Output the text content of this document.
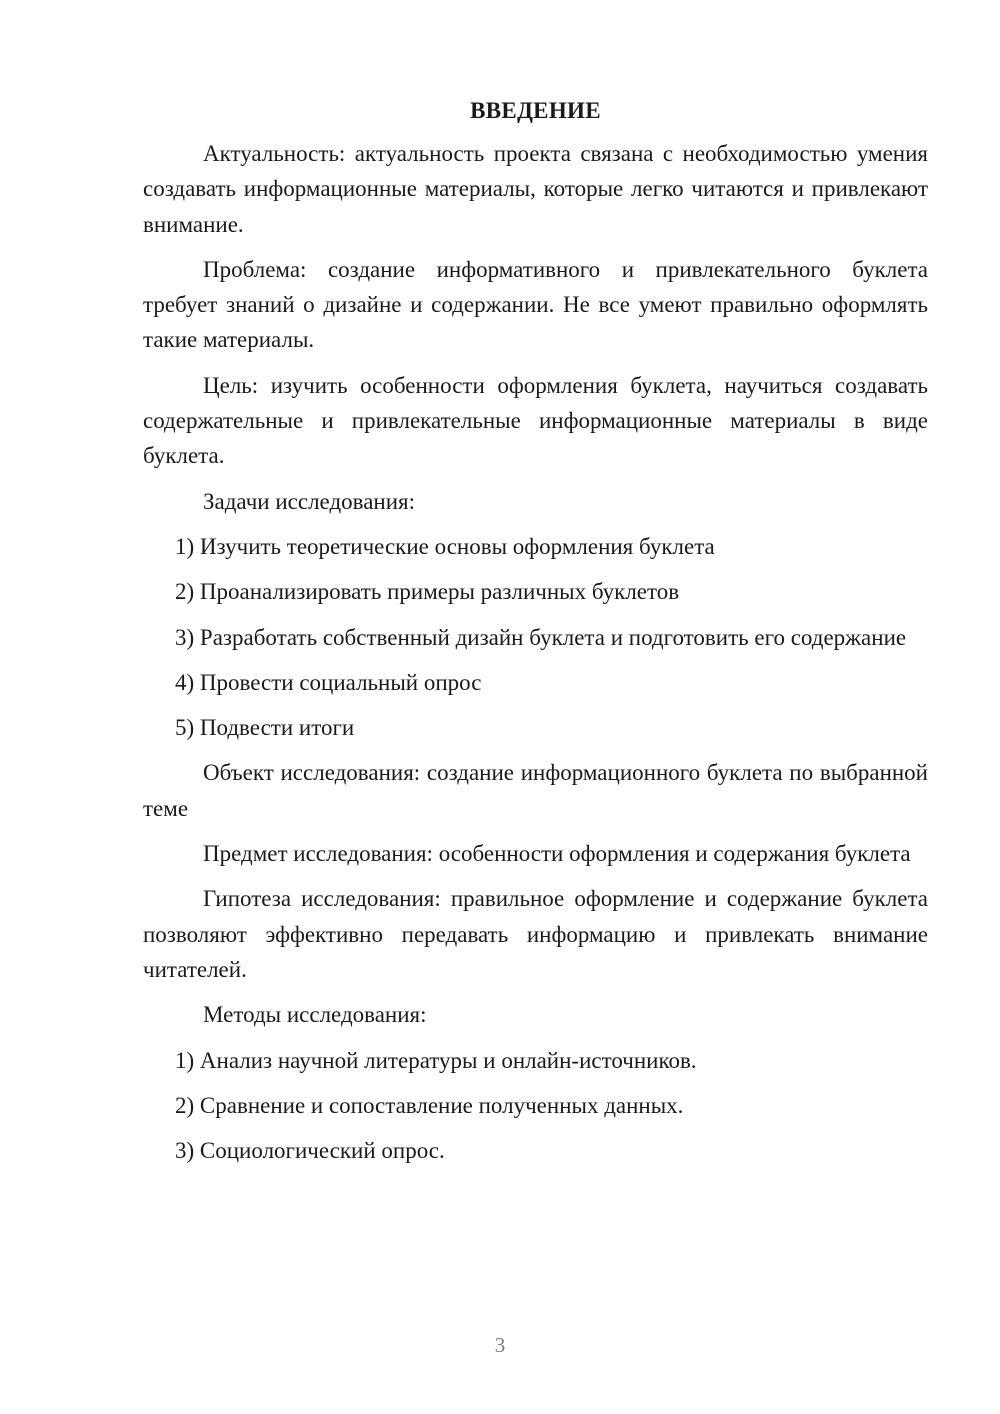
ВВЕДЕНИЕ

Актуальность: актуальность проекта связана с необходимостью умения создавать информационные материалы, которые легко читаются и привлекают внимание.

Проблема: создание информативного и привлекательного буклета требует знаний о дизайне и содержании. Не все умеют правильно оформлять такие материалы.

Цель: изучить особенности оформления буклета, научиться создавать содержательные и привлекательные информационные материалы в виде буклета.

Задачи исследования:

1) Изучить теоретические основы оформления буклета

2) Проанализировать примеры различных буклетов

3) Разработать собственный дизайн буклета и подготовить его содержание

4) Провести социальный опрос

5) Подвести итоги

Объект исследования: создание информационного буклета по выбранной теме

Предмет исследования: особенности оформления и содержания буклета

Гипотеза исследования: правильное оформление и содержание буклета позволяют эффективно передавать информацию и привлекать внимание читателей.

Методы исследования:

1) Анализ научной литературы и онлайн-источников.

2) Сравнение и сопоставление полученных данных.

3) Социологический опрос.

3
